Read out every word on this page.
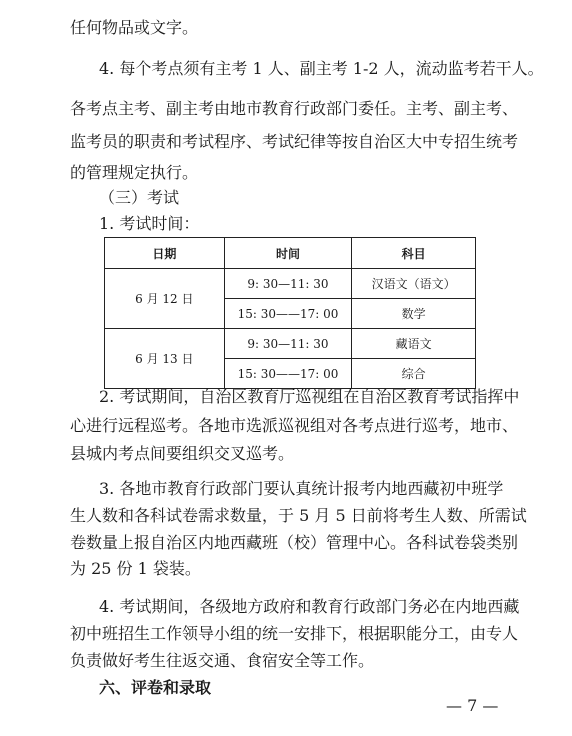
任何物品或文字。
4. 每个考点须有主考 1 人、副主考 1-2 人，流动监考若干人。
各考点主考、副主考由地市教育行政部门委任。主考、副主考、
监考员的职责和考试程序、考试纪律等按自治区大中专招生统考
的管理规定执行。
（三）考试
1. 考试时间：
日期	时间	科目
6 月 12 日	9: 30—11: 30	汉语文（语文）
	15: 30——17: 00	数学
6 月 13 日	9: 30—11: 30	藏语文
	15: 30——17: 00	综合
2. 考试期间，自治区教育厅巡视组在自治区教育考试指挥中
心进行远程巡考。各地市选派巡视组对各考点进行巡考，地市、
县城内考点间要组织交叉巡考。
3. 各地市教育行政部门要认真统计报考内地西藏初中班学
生人数和各科试卷需求数量，于 5 月 5 日前将考生人数、所需试
卷数量上报自治区内地西藏班（校）管理中心。各科试卷袋类别
为 25 份 1 袋装。
4. 考试期间，各级地方政府和教育行政部门务必在内地西藏
初中班招生工作领导小组的统一安排下，根据职能分工，由专人
负责做好考生往返交通、食宿安全等工作。
六、评卷和录取
— 7 —
